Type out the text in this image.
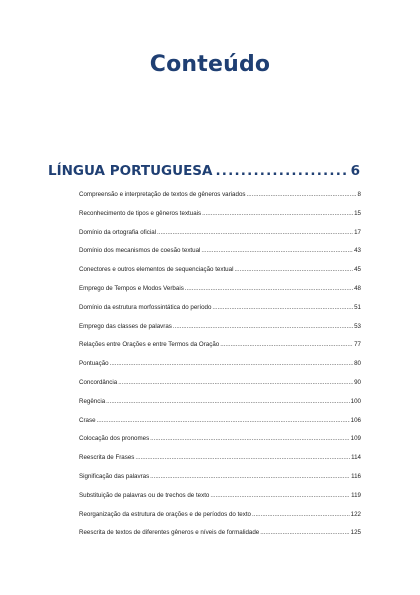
Conteúdo
LÍNGUA PORTUGUESA .....	6
Compreensão e interpretação de textos de gêneros variados .....	8
Reconhecimento de tipos e gêneros textuais .....	15
Domínio da ortografia oficial .....	17
Domínio dos mecanismos de coesão textual .....	43
Conectores e outros elementos de sequenciação textual .....	45
Emprego de Tempos e Modos Verbais .....	48
Domínio da estrutura morfossintática do período .....	51
Emprego das classes de palavras .....	53
Relações entre Orações e entre Termos da Oração .....	77
Pontuação .....	80
Concordância .....	90
Regência .....	100
Crase .....	106
Colocação dos pronomes .....	109
Reescrita de Frases .....	114
Significação das palavras .....	116
Substituição de palavras ou de trechos de texto .....	119
Reorganização da estrutura de orações e de períodos do texto .....	122
Reescrita de textos de diferentes gêneros e níveis de formalidade .....	125
